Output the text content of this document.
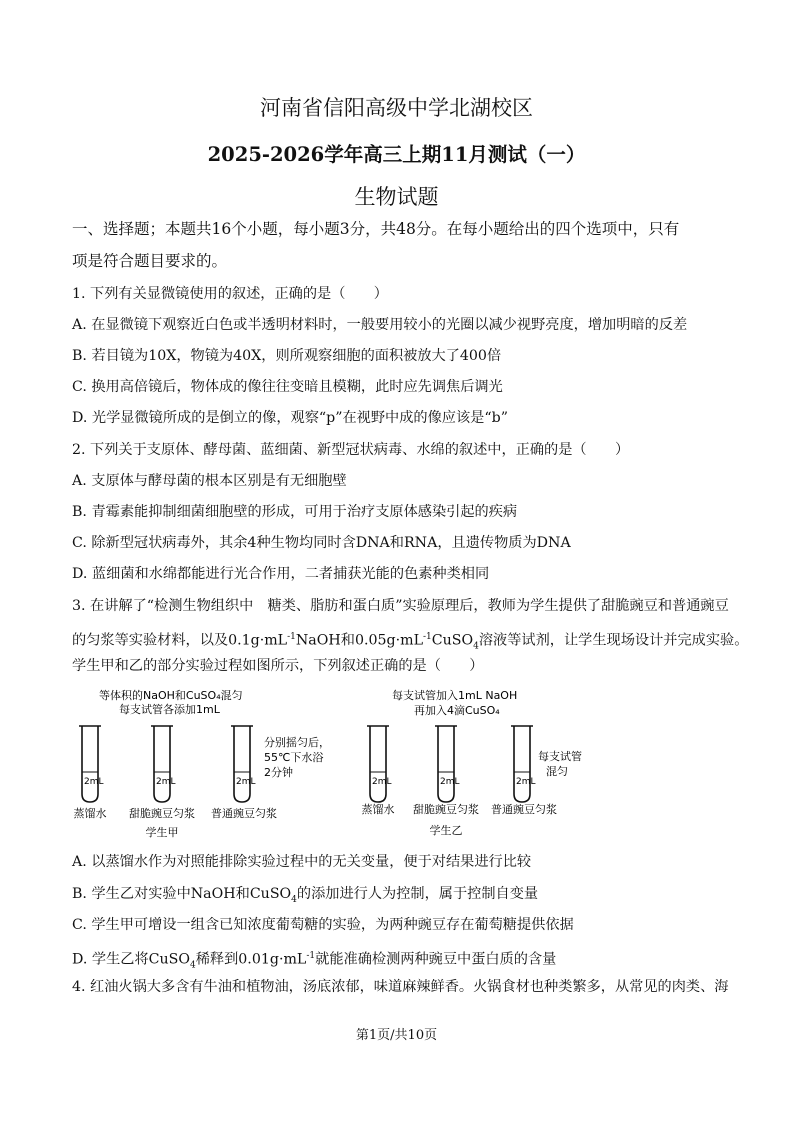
河南省信阳高级中学北湖校区
2025-2026学年高三上期11月测试（一）
生物试题
一、选择题；本题共16个小题，每小题3分，共48分。在每小题给出的四个选项中，只有
项是符合题目要求的。
1. 下列有关显微镜使用的叙述，正确的是（　　）
A. 在显微镜下观察近白色或半透明材料时，一般要用较小的光圈以减少视野亮度，增加明暗的反差
B. 若目镜为10X，物镜为40X，则所观察细胞的面积被放大了400倍
C. 换用高倍镜后，物体成的像往往变暗且模糊，此时应先调焦后调光
D. 光学显微镜所成的是倒立的像，观察“p”在视野中成的像应该是“b”
2. 下列关于支原体、酵母菌、蓝细菌、新型冠状病毒、水绵的叙述中，正确的是（　　）
A. 支原体与酵母菌的根本区别是有无细胞壁
B. 青霉素能抑制细菌细胞壁的形成，可用于治疗支原体感染引起的疾病
C. 除新型冠状病毒外，其余4种生物均同时含DNA和RNA，且遗传物质为DNA
D. 蓝细菌和水绵都能进行光合作用，二者捕获光能的色素种类相同
3. 在讲解了“检测生物组织中　糖类、脂肪和蛋白质”实验原理后，教师为学生提供了甜脆豌豆和普通豌豆
的匀浆等实验材料，以及$0.1g\cdot mL^{-1}NaOH$和$0.05g\cdot mL^{-1}CuSO_4$溶液等试剂，让学生现场设计并完成实验。
学生甲和乙的部分实验过程如图所示，下列叙述正确的是（　　）
等体积的NaOH和CuSO₄混匀
每支试管各添加1mL
2mL	2mL	2mL
分别摇匀后，
55℃下水浴
2分钟
蒸馏水 甜脆豌豆匀浆 普通豌豆匀浆
学生甲
每支试管加入1mL NaOH
再加入4滴CuSO₄
2mL	2mL	2mL
每支试管
混匀
蒸馏水 甜脆豌豆匀浆 普通豌豆匀浆
学生乙
A. 以蒸馏水作为对照能排除实验过程中的无关变量，便于对结果进行比较
B. 学生乙对实验中NaOH和CuSO$_4$的添加进行人为控制，属于控制自变量
C. 学生甲可增设一组含已知浓度葡萄糖的实验，为两种豌豆存在葡萄糖提供依据
D. 学生乙将CuSO$_4$稀释到$0.01g\cdot mL^{-1}$就能准确检测两种豌豆中蛋白质的含量
4. 红油火锅大多含有牛油和植物油，汤底浓郁，味道麻辣鲜香。火锅食材也种类繁多，从常见的肉类、海
第1页/共10页
